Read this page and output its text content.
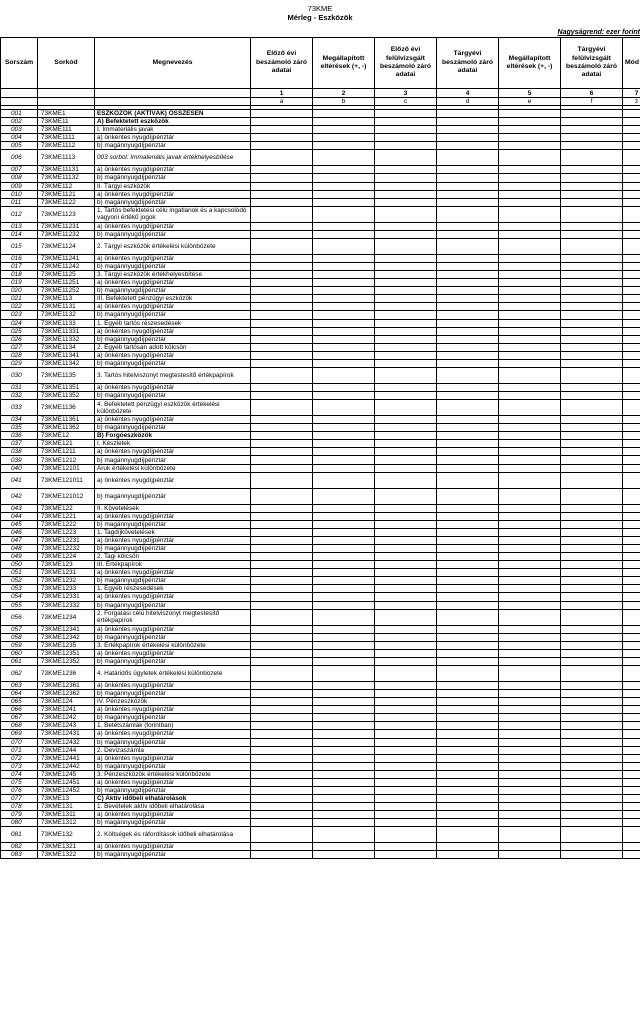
73KME
Mérleg - Eszközök
Nagyságrend: ezer forint
Sorszám	Sorkód	Megnevezés	Előző évi beszámoló záró adatai	Megállapított eltérések (+, -)	Előző évi felülvizsgált beszámoló záró adatai	Tárgyévi beszámoló záró adatai	Megállapított eltérések (+, -)	Tárgyévi felülvizsgált beszámoló záró adatai	Mód
			1	2	3	4	5	6	7
			a	b	c	d	e	f	z

001	73KME1	ESZKÖZÖK (AKTÍVÁK) ÖSSZESEN							
002	73KME11	A) Befektetett eszközök							
003	73KME111	I. Immateriális javak							
004	73KME1111	a) önkéntes nyugdíjpénztár							
005	73KME1112	b) magánnyugdíjpénztár							
006	73KME1113	003 sorból: Immateriális javak értékhelyesbítése							
007	73KME11131	a) önkéntes nyugdíjpénztár							
008	73KME11132	b) magánnyugdíjpénztár							
009	73KME112	II. Tárgyi eszközök							
010	73KME1121	a) önkéntes nyugdíjpénztár							
011	73KME1122	b) magánnyugdíjpénztár							
012	73KME1123	1. Tartós befektetési célú ingatlanok és a kapcsolódó vagyoni értékű jogok							
013	73KME11231	a) önkéntes nyugdíjpénztár							
014	73KME11232	b) magánnyugdíjpénztár							
015	73KME1124	2. Tárgyi eszközök értékelési különbözete							
016	73KME11241	a) önkéntes nyugdíjpénztár							
017	73KME11242	b) magánnyugdíjpénztár							
018	73KME1125	3. Tárgyi eszközök értékhelyesbítése							
019	73KME11251	a) önkéntes nyugdíjpénztár							
020	73KME11252	b) magánnyugdíjpénztár							
021	73KME113	III. Befektetett pénzügyi eszközök							
022	73KME1131	a) önkéntes nyugdíjpénztár							
023	73KME1132	b) magánnyugdíjpénztár							
024	73KME1133	1. Egyéb tartós részesedések							
025	73KME11331	a) önkéntes nyugdíjpénztár							
026	73KME11332	b) magánnyugdíjpénztár							
027	73KME1134	2. Egyéb tartósan adott kölcsön							
028	73KME11341	a) önkéntes nyugdíjpénztár							
029	73KME11342	b) magánnyugdíjpénztár							
030	73KME1135	3. Tartós hitelviszonyt megtestesítő értékpapírok							
031	73KME11351	a) önkéntes nyugdíjpénztár							
032	73KME11352	b) magánnyugdíjpénztár							
033	73KME1136	4. Befektetett pénzügyi eszközök értékelési különbözete							
034	73KME11361	a) önkéntes nyugdíjpénztár							
035	73KME11362	b) magánnyugdíjpénztár							
036	73KME12	B) Forgóeszközök							
037	73KME121	I. Készletek							
038	73KME1211	a) önkéntes nyugdíjpénztár							
039	73KME1212	b) magánnyugdíjpénztár							
040	73KME12101	Áruk értékelési különbözete							
041	73KME121011	a) önkéntes nyugdíjpénztár							
042	73KME121012	b) magánnyugdíjpénztár							
043	73KME122	II. Követelések							
044	73KME1221	a) önkéntes nyugdíjpénztár							
045	73KME1222	b) magánnyugdíjpénztár							
046	73KME1223	1. Tagdíjkövetelések							
047	73KME12231	a) önkéntes nyugdíjpénztár							
048	73KME12232	b) magánnyugdíjpénztár							
049	73KME1224	2. Tagi kölcsön							
050	73KME123	III. Értékpapírok							
051	73KME1231	a) önkéntes nyugdíjpénztár							
052	73KME1232	b) magánnyugdíjpénztár							
053	73KME1233	1. Egyéb részesedések							
054	73KME12331	a) önkéntes nyugdíjpénztár							
055	73KME12332	b) magánnyugdíjpénztár							
056	73KME1234	2. Forgatási célú hitelviszonyt megtestesítő értékpapírok							
057	73KME12341	a) önkéntes nyugdíjpénztár							
058	73KME12342	b) magánnyugdíjpénztár							
059	73KME1235	3. Értékpapírok értékelési különbözete							
060	73KME12351	a) önkéntes nyugdíjpénztár							
061	73KME12352	b) magánnyugdíjpénztár							
062	73KME1236	4. Határidős ügyletek értékelési különbözete							
063	73KME12361	a) önkéntes nyugdíjpénztár							
064	73KME12362	b) magánnyugdíjpénztár							
065	73KME124	IV. Pénzeszközök							
066	73KME1241	a) önkéntes nyugdíjpénztár							
067	73KME1242	b) magánnyugdíjpénztár							
068	73KME1243	1. Betétszámlák (forintban)							
069	73KME12431	a) önkéntes nyugdíjpénztár							
070	73KME12432	b) magánnyugdíjpénztár							
071	73KME1244	2. Devizaszámla							
072	73KME12441	a) önkéntes nyugdíjpénztár							
073	73KME12442	b) magánnyugdíjpénztár							
074	73KME1245	3. Pénzeszközök értékelési különbözete							
075	73KME12451	a) önkéntes nyugdíjpénztár							
076	73KME12452	b) magánnyugdíjpénztár							
077	73KME13	C) Aktív időbeli elhatárolások							
078	73KME131	1. Bevételek aktív időbeli elhatárolása							
079	73KME1311	a) önkéntes nyugdíjpénztár							
080	73KME1312	b) magánnyugdíjpénztár							
081	73KME132	2. Költségek és ráfordítások időbeli elhatárolása							
082	73KME1321	a) önkéntes nyugdíjpénztár							
083	73KME1322	b) magánnyugdíjpénztár							
